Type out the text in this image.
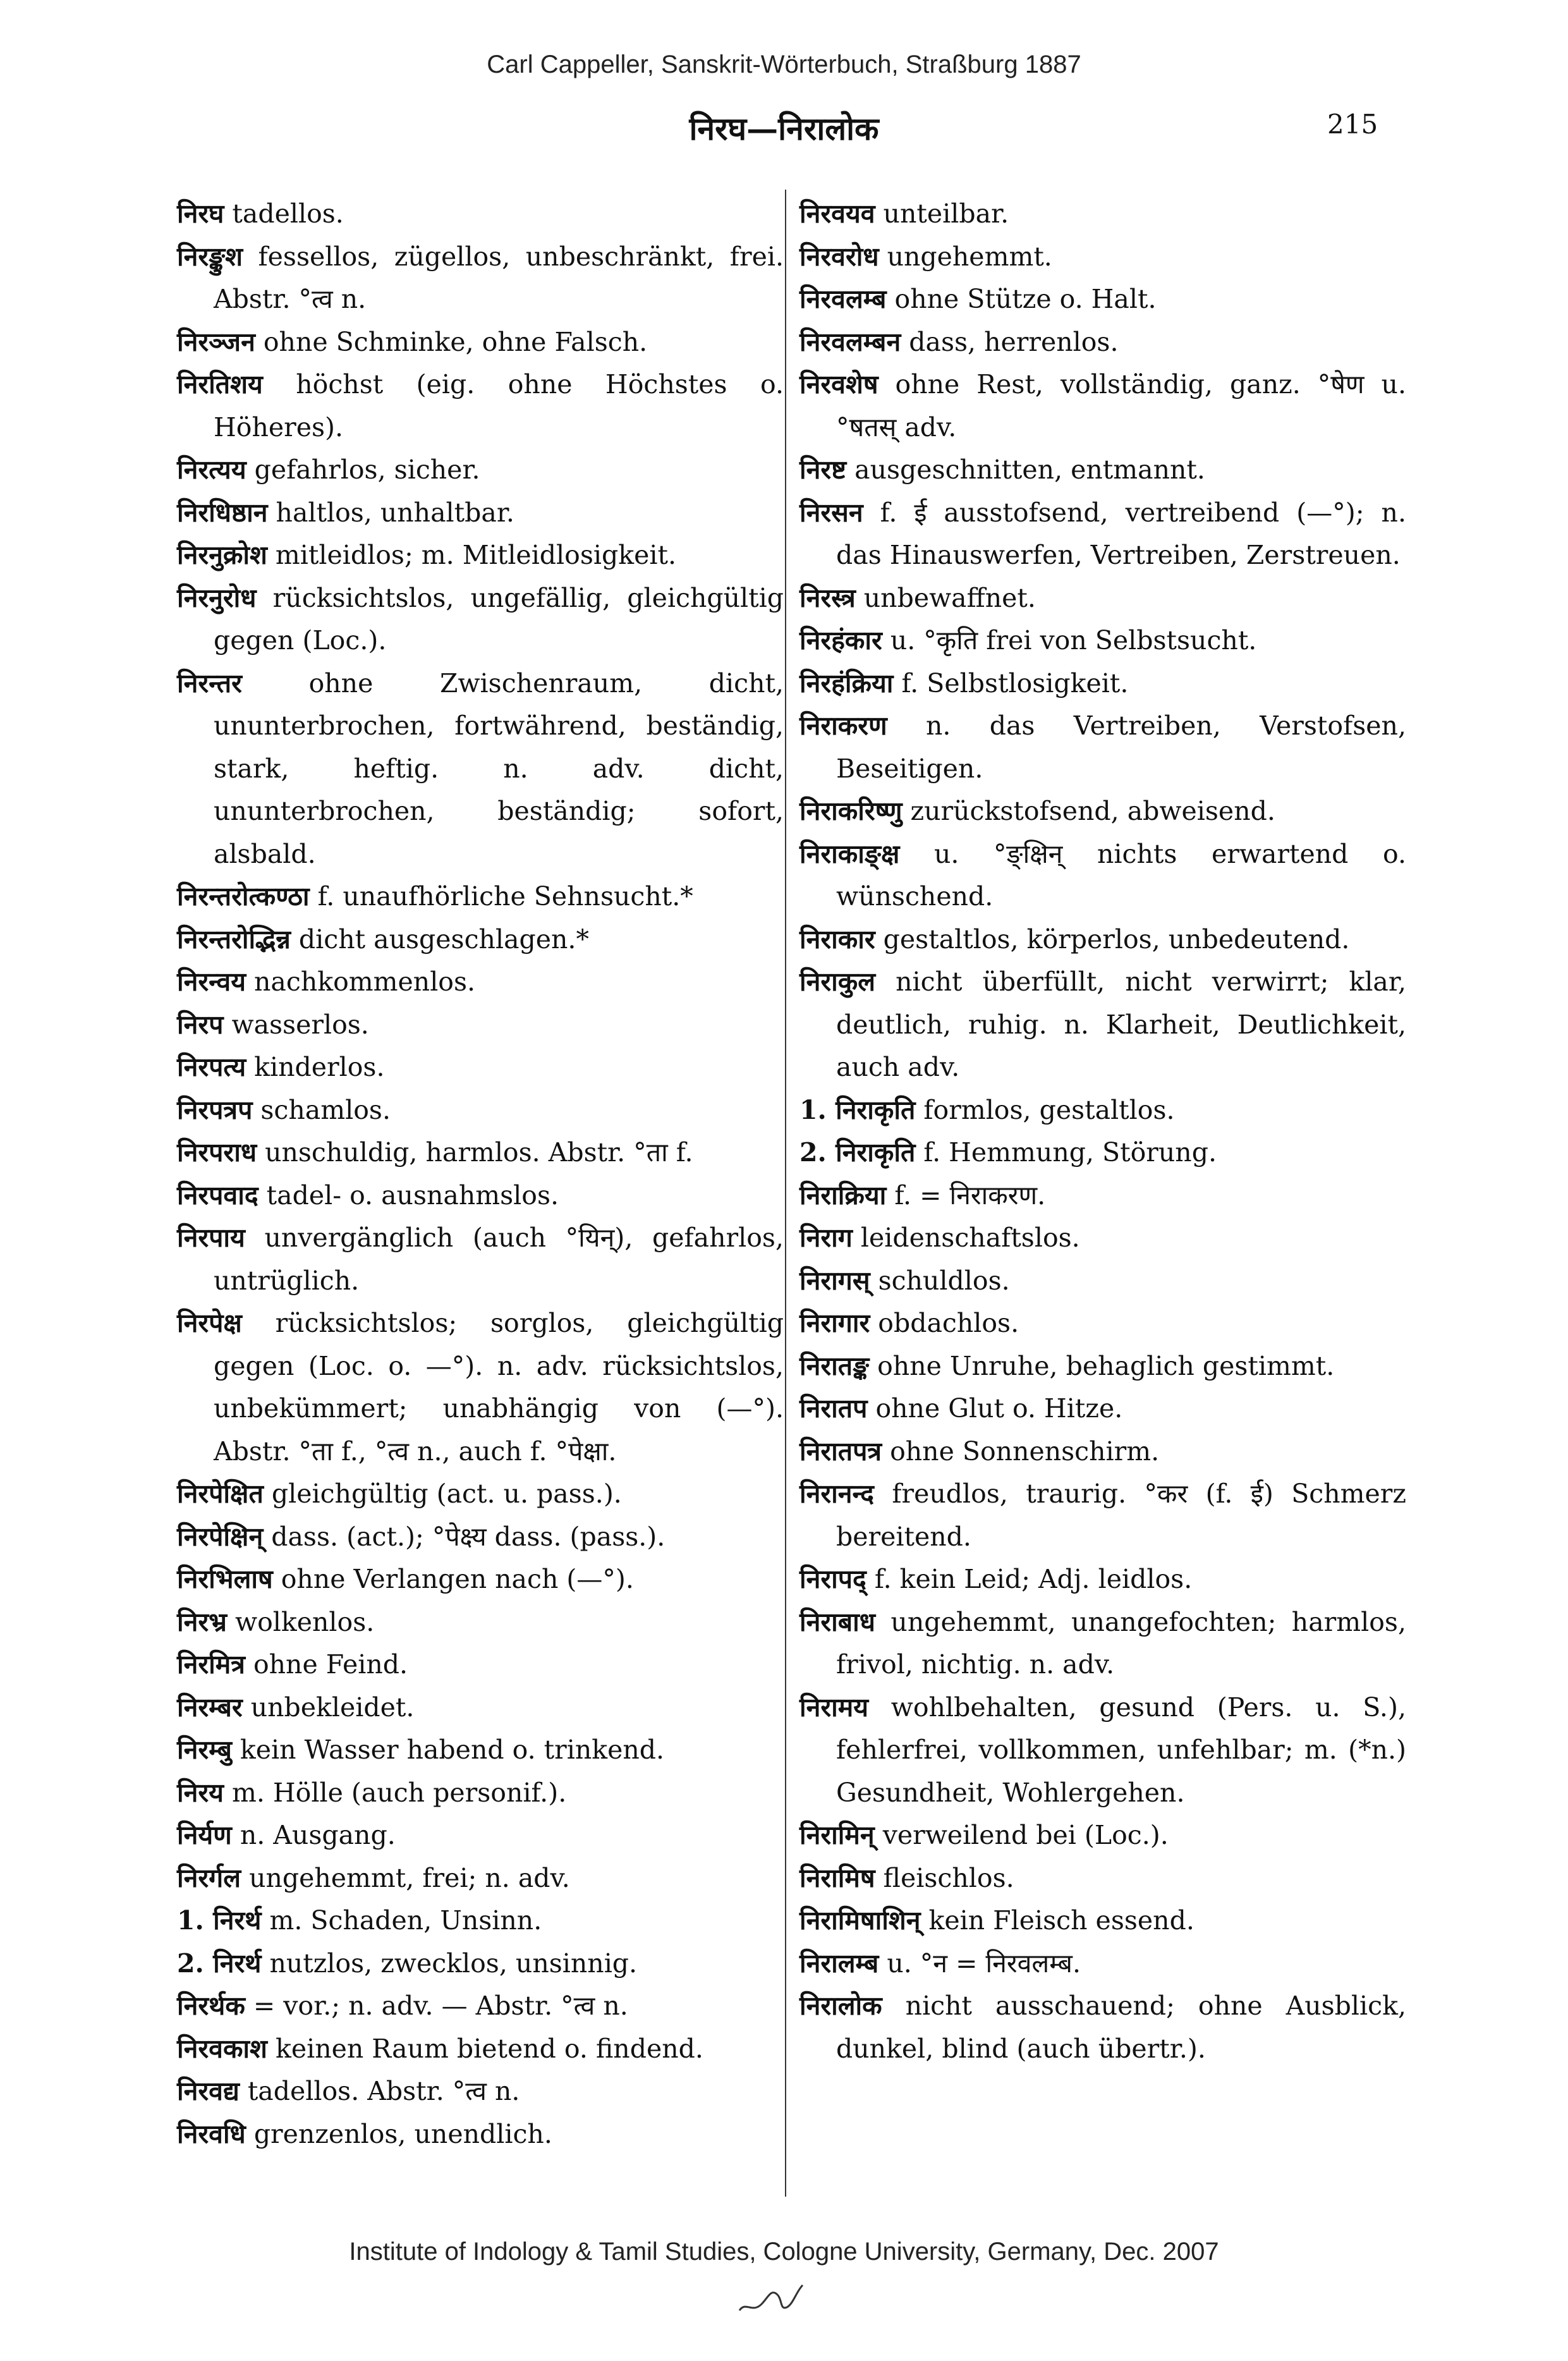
Carl Cappeller, Sanskrit-Wörterbuch, Straßburg 1887
निरघ—निरालोक	215
निरघ tadellos.
निरङ्कुश fessellos, zügellos, unbeschränkt, frei. Abstr. °त्व n.
निरञ्जन ohne Schminke, ohne Falsch.
निरतिशय höchst (eig. ohne Höchstes o. Höheres).
निरत्यय gefahrlos, sicher.
निरधिष्ठान haltlos, unhaltbar.
निरनुक्रोश mitleidlos; m. Mitleidlosigkeit.
निरनुरोध rücksichtslos, ungefällig, gleichgültig gegen (Loc.).
निरन्तर ohne Zwischenraum, dicht, ununterbrochen, fortwährend, beständig, stark, heftig. n. adv. dicht, ununterbrochen, beständig; sofort, alsbald.
निरन्तरोत्कण्ठा f. unaufhörliche Sehnsucht.*
निरन्तरोद्भिन्न dicht ausgeschlagen.*
निरन्वय nachkommenlos.
निरप wasserlos.
निरपत्य kinderlos.
निरपत्रप schamlos.
निरपराध unschuldig, harmlos. Abstr. °ता f.
निरपवाद tadel- o. ausnahmslos.
निरपाय unvergänglich (auch °यिन्), gefahrlos, untrüglich.
निरपेक्ष rücksichtslos; sorglos, gleichgültig gegen (Loc. o. —°). n. adv. rücksichtslos, unbekümmert; unabhängig von (—°). Abstr. °ता f., °त्व n., auch f. °पेक्षा.
निरपेक्षित gleichgültig (act. u. pass.).
निरपेक्षिन् dass. (act.); °पेक्ष्य dass. (pass.).
निरभिलाष ohne Verlangen nach (—°).
निरभ्र wolkenlos.
निरमित्र ohne Feind.
निरम्बर unbekleidet.
निरम्बु kein Wasser habend o. trinkend.
निरय m. Hölle (auch personif.).
निर्यण n. Ausgang.
निरर्गल ungehemmt, frei; n. adv.
1. निरर्थ m. Schaden, Unsinn.
2. निरर्थ nutzlos, zwecklos, unsinnig.
निरर्थक = vor.; n. adv. — Abstr. °त्व n.
निरवकाश keinen Raum bietend o. findend.
निरवद्य tadellos. Abstr. °त्व n.
निरवधि grenzenlos, unendlich.
निरवयव unteilbar.
निरवरोध ungehemmt.
निरवलम्ब ohne Stütze o. Halt.
निरवलम्बन dass, herrenlos.
निरवशेष ohne Rest, vollständig, ganz. °षेण u. °षतस् adv.
निरष्ट ausgeschnitten, entmannt.
निरसन f. ई ausstofsend, vertreibend (—°); n. das Hinauswerfen, Vertreiben, Zerstreuen.
निरस्त्र unbewaffnet.
निरहंकार u. °कृति frei von Selbstsucht.
निरहंक्रिया f. Selbstlosigkeit.
निराकरण n. das Vertreiben, Verstofsen, Beseitigen.
निराकरिष्णु zurückstofsend, abweisend.
निराकाङ्क्ष u. °ङ्क्षिन् nichts erwartend o. wünschend.
निराकार gestaltlos, körperlos, unbedeutend.
निराकुल nicht überfüllt, nicht verwirrt; klar, deutlich, ruhig. n. Klarheit, Deutlichkeit, auch adv.
1. निराकृति formlos, gestaltlos.
2. निराकृति f. Hemmung, Störung.
निराक्रिया f. = निराकरण.
निराग leidenschaftslos.
निरागस् schuldlos.
निरागार obdachlos.
निरातङ्क ohne Unruhe, behaglich gestimmt.
निरातप ohne Glut o. Hitze.
निरातपत्र ohne Sonnenschirm.
निरानन्द freudlos, traurig. °कर (f. ई) Schmerz bereitend.
निरापद् f. kein Leid; Adj. leidlos.
निराबाध ungehemmt, unangefochten; harmlos, frivol, nichtig. n. adv.
निरामय wohlbehalten, gesund (Pers. u. S.), fehlerfrei, vollkommen, unfehlbar; m. (*n.) Gesundheit, Wohlergehen.
निरामिन् verweilend bei (Loc.).
निरामिष fleischlos.
निरामिषाशिन् kein Fleisch essend.
निरालम्ब u. °न = निरवलम्ब.
निरालोक nicht ausschauend; ohne Ausblick, dunkel, blind (auch übertr.).
Institute of Indology & Tamil Studies, Cologne University, Germany, Dec. 2007
